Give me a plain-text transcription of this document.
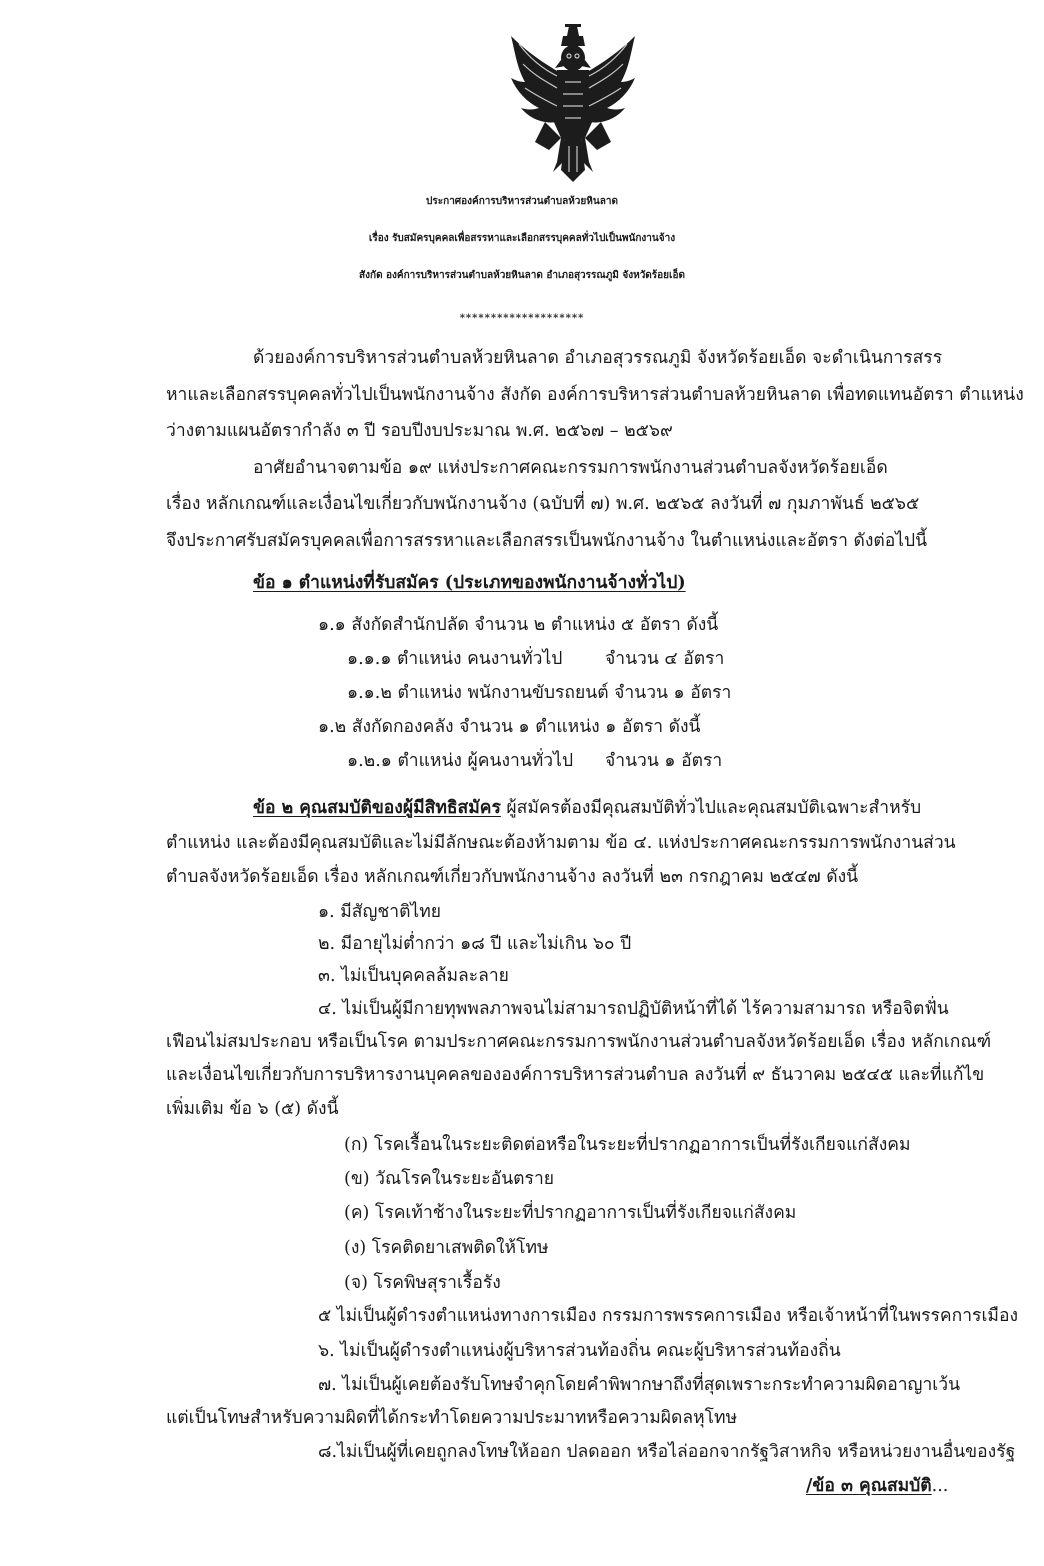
ประกาศองค์การบริหารส่วนตำบลห้วยหินลาด
เรื่อง รับสมัครบุคคลเพื่อสรรหาและเลือกสรรบุคคลทั่วไปเป็นพนักงานจ้าง
สังกัด องค์การบริหารส่วนตำบลห้วยหินลาด อำเภอสุวรรณภูมิ จังหวัดร้อยเอ็ด
********************
ด้วยองค์การบริหารส่วนตำบลห้วยหินลาด อำเภอสุวรรณภูมิ จังหวัดร้อยเอ็ด จะดำเนินการสรร
หาและเลือกสรรบุคคลทั่วไปเป็นพนักงานจ้าง สังกัด องค์การบริหารส่วนตำบลห้วยหินลาด เพื่อทดแทนอัตรา ตำแหน่ง
ว่างตามแผนอัตรากำลัง ๓ ปี รอบปีงบประมาณ พ.ศ. ๒๕๖๗ – ๒๕๖๙
อาศัยอำนาจตามข้อ ๑๙ แห่งประกาศคณะกรรมการพนักงานส่วนตำบลจังหวัดร้อยเอ็ด
เรื่อง หลักเกณฑ์และเงื่อนไขเกี่ยวกับพนักงานจ้าง (ฉบับที่ ๗) พ.ศ. ๒๕๖๕ ลงวันที่ ๗ กุมภาพันธ์ ๒๕๖๕
จึงประกาศรับสมัครบุคคลเพื่อการสรรหาและเลือกสรรเป็นพนักงานจ้าง ในตำแหน่งและอัตรา ดังต่อไปนี้
ข้อ ๑ ตำแหน่งที่รับสมัคร (ประเภทของพนักงานจ้างทั่วไป)
๑.๑ สังกัดสำนักปลัด จำนวน ๒ ตำแหน่ง ๕ อัตรา ดังนี้
๑.๑.๑ ตำแหน่ง คนงานทั่วไป จำนวน ๔ อัตรา
๑.๑.๒ ตำแหน่ง พนักงานขับรถยนต์ จำนวน ๑ อัตรา
๑.๒ สังกัดกองคลัง จำนวน ๑ ตำแหน่ง ๑ อัตรา ดังนี้
๑.๒.๑ ตำแหน่ง ผู้คนงานทั่วไป จำนวน ๑ อัตรา
ข้อ ๒ คุณสมบัติของผู้มีสิทธิสมัคร ผู้สมัครต้องมีคุณสมบัติทั่วไปและคุณสมบัติเฉพาะสำหรับ
ตำแหน่ง และต้องมีคุณสมบัติและไม่มีลักษณะต้องห้ามตาม ข้อ ๔. แห่งประกาศคณะกรรมการพนักงานส่วน
ตำบลจังหวัดร้อยเอ็ด เรื่อง หลักเกณฑ์เกี่ยวกับพนักงานจ้าง ลงวันที่ ๒๓ กรกฎาคม ๒๕๔๗ ดังนี้
๑. มีสัญชาติไทย
๒. มีอายุไม่ต่ำกว่า ๑๘ ปี และไม่เกิน ๖๐ ปี
๓. ไม่เป็นบุคคลล้มละลาย
๔. ไม่เป็นผู้มีกายทุพพลภาพจนไม่สามารถปฏิบัติหน้าที่ได้ ไร้ความสามารถ หรือจิตฟั่น
เฟือนไม่สมประกอบ หรือเป็นโรค ตามประกาศคณะกรรมการพนักงานส่วนตำบลจังหวัดร้อยเอ็ด เรื่อง หลักเกณฑ์
และเงื่อนไขเกี่ยวกับการบริหารงานบุคคลขององค์การบริหารส่วนตำบล ลงวันที่ ๙ ธันวาคม ๒๕๔๕ และที่แก้ไข
เพิ่มเติม ข้อ ๖ (๕) ดังนี้
(ก) โรคเรื้อนในระยะติดต่อหรือในระยะที่ปรากฏอาการเป็นที่รังเกียจแก่สังคม
(ข) วัณโรคในระยะอันตราย
(ค) โรคเท้าช้างในระยะที่ปรากฏอาการเป็นที่รังเกียจแก่สังคม
(ง) โรคติดยาเสพติดให้โทษ
(จ) โรคพิษสุราเรื้อรัง
๕ ไม่เป็นผู้ดำรงตำแหน่งทางการเมือง กรรมการพรรคการเมือง หรือเจ้าหน้าที่ในพรรคการเมือง
๖. ไม่เป็นผู้ดำรงตำแหน่งผู้บริหารส่วนท้องถิ่น คณะผู้บริหารส่วนท้องถิ่น
๗. ไม่เป็นผู้เคยต้องรับโทษจำคุกโดยคำพิพากษาถึงที่สุดเพราะกระทำความผิดอาญาเว้น
แต่เป็นโทษสำหรับความผิดที่ได้กระทำโดยความประมาทหรือความผิดลหุโทษ
๘.ไม่เป็นผู้ที่เคยถูกลงโทษให้ออก ปลดออก หรือไล่ออกจากรัฐวิสาหกิจ หรือหน่วยงานอื่นของรัฐ
/ข้อ ๓ คุณสมบัติ...
